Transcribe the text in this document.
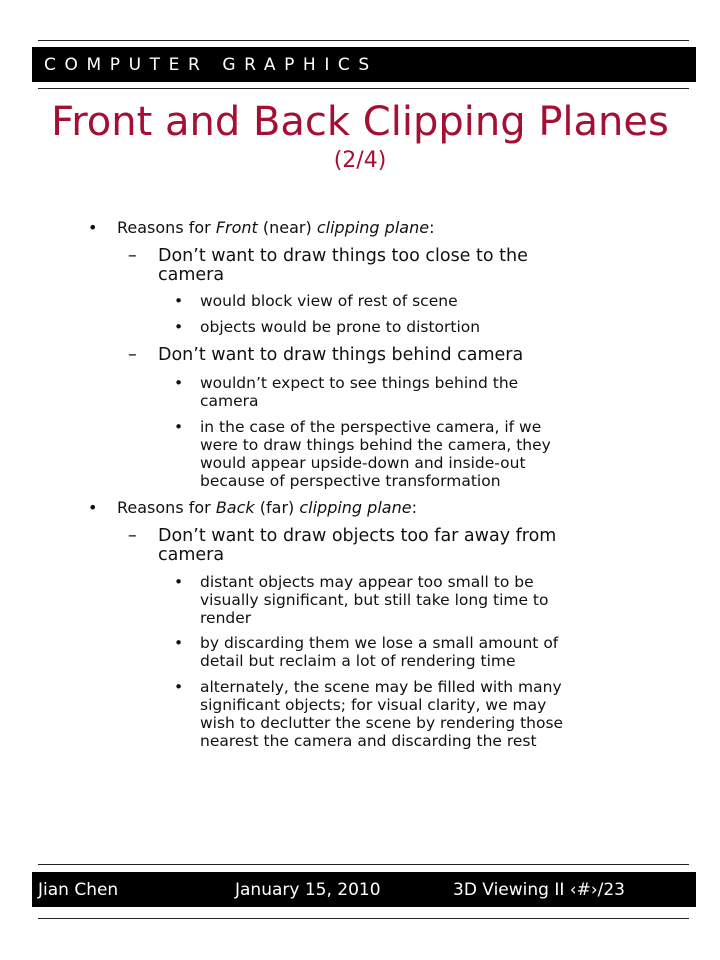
COMPUTER GRAPHICS
Front and Back Clipping Planes
(2/4)
• Reasons for Front (near) clipping plane:
– Don’t want to draw things too close to the
camera
• would block view of rest of scene
• objects would be prone to distortion
– Don’t want to draw things behind camera
• wouldn’t expect to see things behind the
camera
• in the case of the perspective camera, if we
were to draw things behind the camera, they
would appear upside-down and inside-out
because of perspective transformation
• Reasons for Back (far) clipping plane:
– Don’t want to draw objects too far away from
camera
• distant objects may appear too small to be
visually significant, but still take long time to
render
• by discarding them we lose a small amount of
detail but reclaim a lot of rendering time
• alternately, the scene may be filled with many
significant objects; for visual clarity, we may
wish to declutter the scene by rendering those
nearest the camera and discarding the rest
Jian Chen	January 15, 2010	3D Viewing II ‹#›/23
